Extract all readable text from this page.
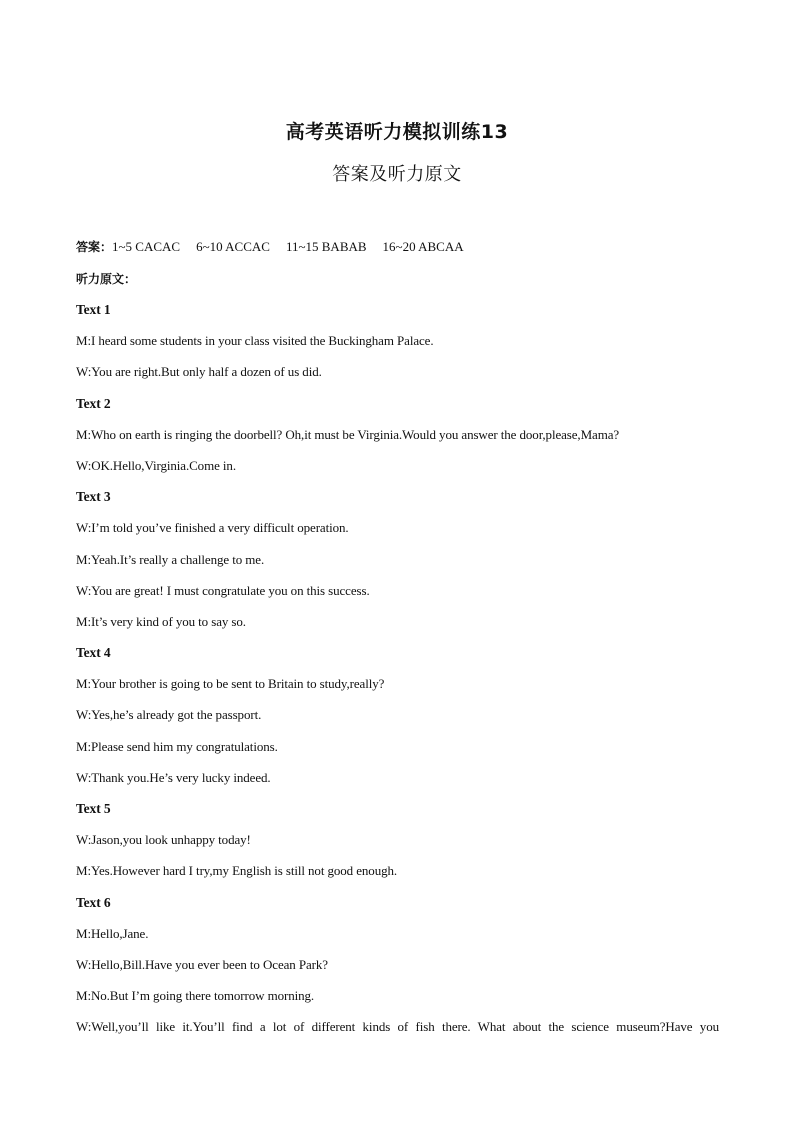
高考英语听力模拟训练13
答案及听力原文
答案：1~5 CACAC 6~10 ACCAC 11~15 BABAB 16~20 ABCAA
听力原文：
Text 1
M:I heard some students in your class visited the Buckingham Palace.
W:You are right.But only half a dozen of us did.
Text 2
M:Who on earth is ringing the doorbell? Oh,it must be Virginia.Would you answer the door,please,Mama?
W:OK.Hello,Virginia.Come in.
Text 3
W:I’m told you’ve finished a very difficult operation.
M:Yeah.It’s really a challenge to me.
W:You are great! I must congratulate you on this success.
M:It’s very kind of you to say so.
Text 4
M:Your brother is going to be sent to Britain to study,really?
W:Yes,he’s already got the passport.
M:Please send him my congratulations.
W:Thank you.He’s very lucky indeed.
Text 5
W:Jason,you look unhappy today!
M:Yes.However hard I try,my English is still not good enough.
Text 6
M:Hello,Jane.
W:Hello,Bill.Have you ever been to Ocean Park?
M:No.But I’m going there tomorrow morning.
W:Well,you’ll like it.You’ll find a lot of different kinds of fish there. What about the science museum?Have you
